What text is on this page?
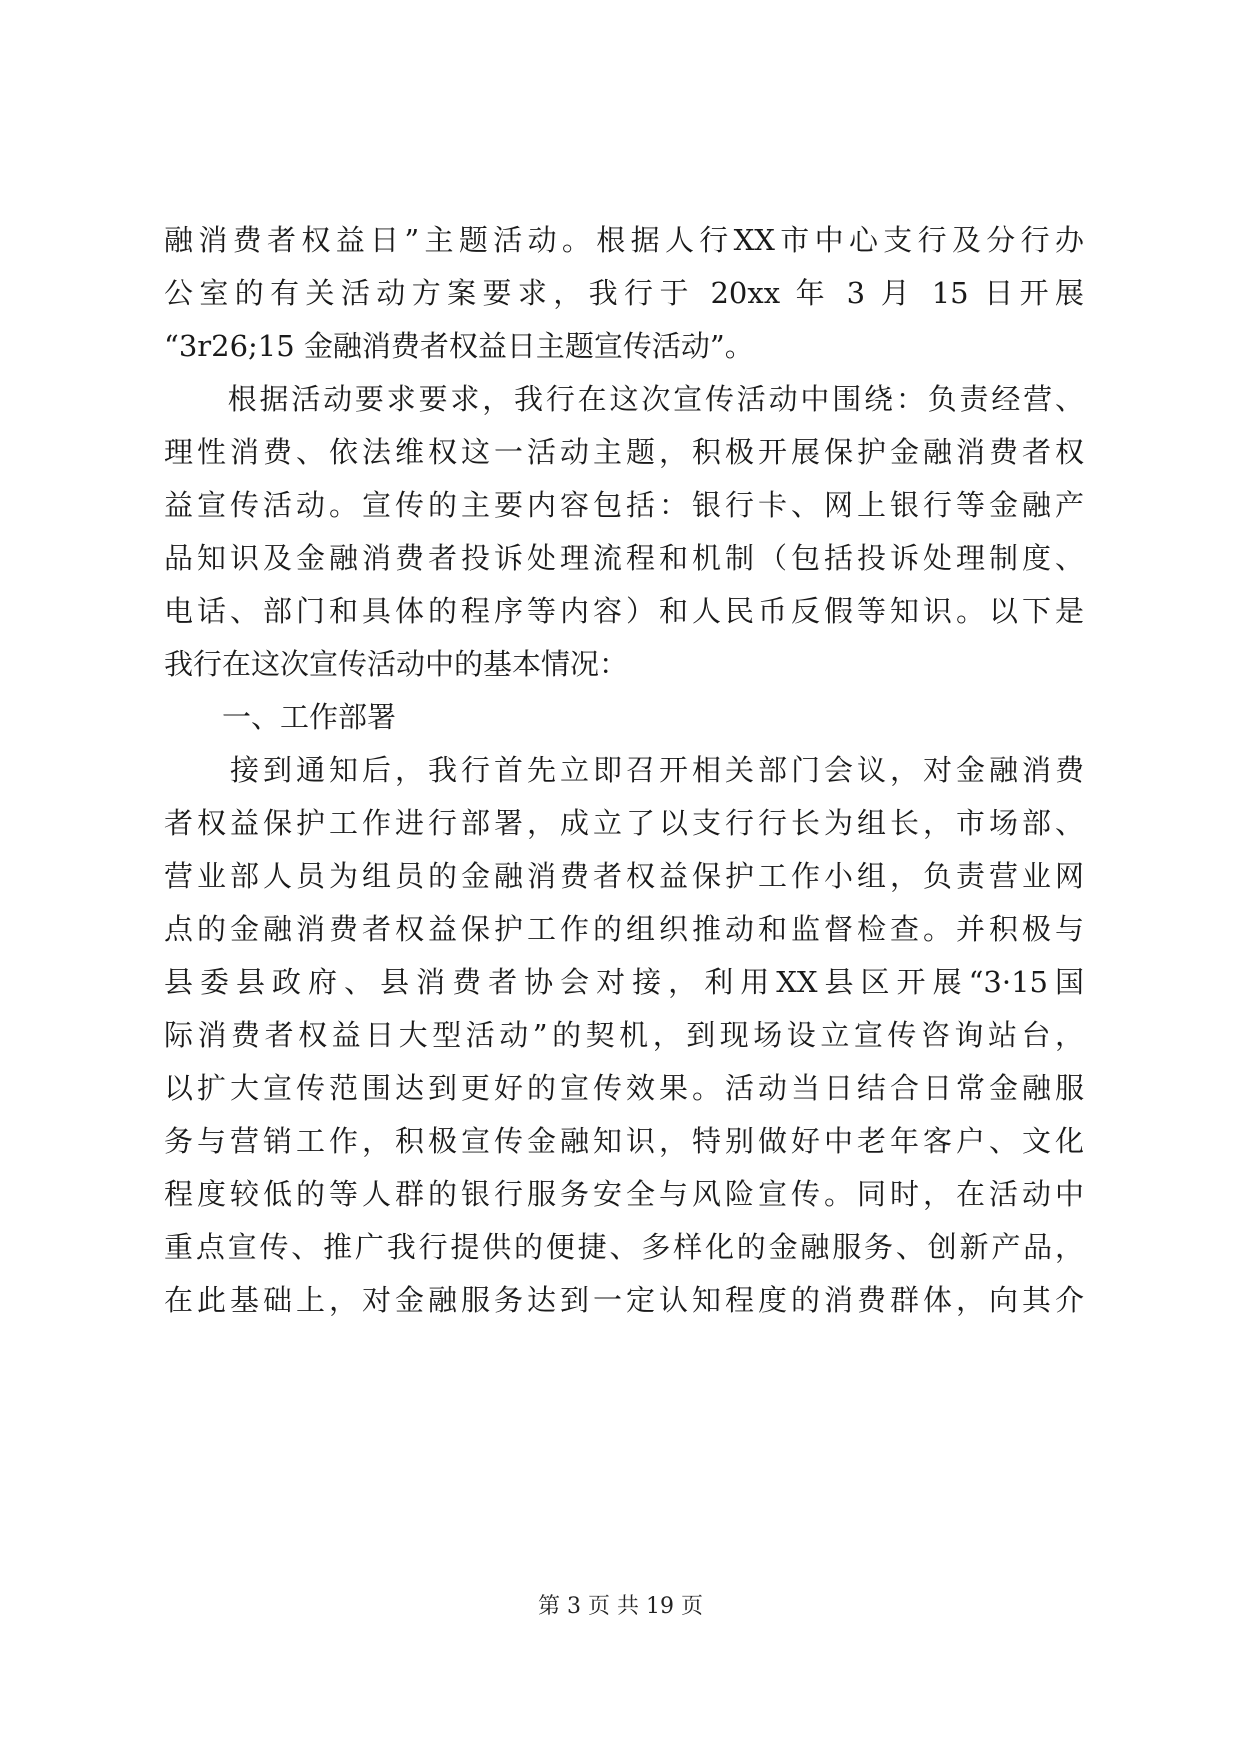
融消费者权益日”主题活动。根据人行XX市中心支行及分行办
公室的有关活动方案要求，我行于 20xx 年 3 月 15 日开展
“3r26;15 金融消费者权益日主题宣传活动”。
　　根据活动要求要求，我行在这次宣传活动中围绕：负责经营、
理性消费、依法维权这一活动主题，积极开展保护金融消费者权
益宣传活动。宣传的主要内容包括：银行卡、网上银行等金融产
品知识及金融消费者投诉处理流程和机制（包括投诉处理制度、
电话、部门和具体的程序等内容）和人民币反假等知识。以下是
我行在这次宣传活动中的基本情况：
　　一、工作部署
　　接到通知后，我行首先立即召开相关部门会议，对金融消费
者权益保护工作进行部署，成立了以支行行长为组长，市场部、
营业部人员为组员的金融消费者权益保护工作小组，负责营业网
点的金融消费者权益保护工作的组织推动和监督检查。并积极与
县委县政府、县消费者协会对接，利用XX县区开展“3·15国
际消费者权益日大型活动”的契机，到现场设立宣传咨询站台，
以扩大宣传范围达到更好的宣传效果。活动当日结合日常金融服
务与营销工作，积极宣传金融知识，特别做好中老年客户、文化
程度较低的等人群的银行服务安全与风险宣传。同时，在活动中
重点宣传、推广我行提供的便捷、多样化的金融服务、创新产品，
在此基础上，对金融服务达到一定认知程度的消费群体，向其介
第 3 页 共 19 页
